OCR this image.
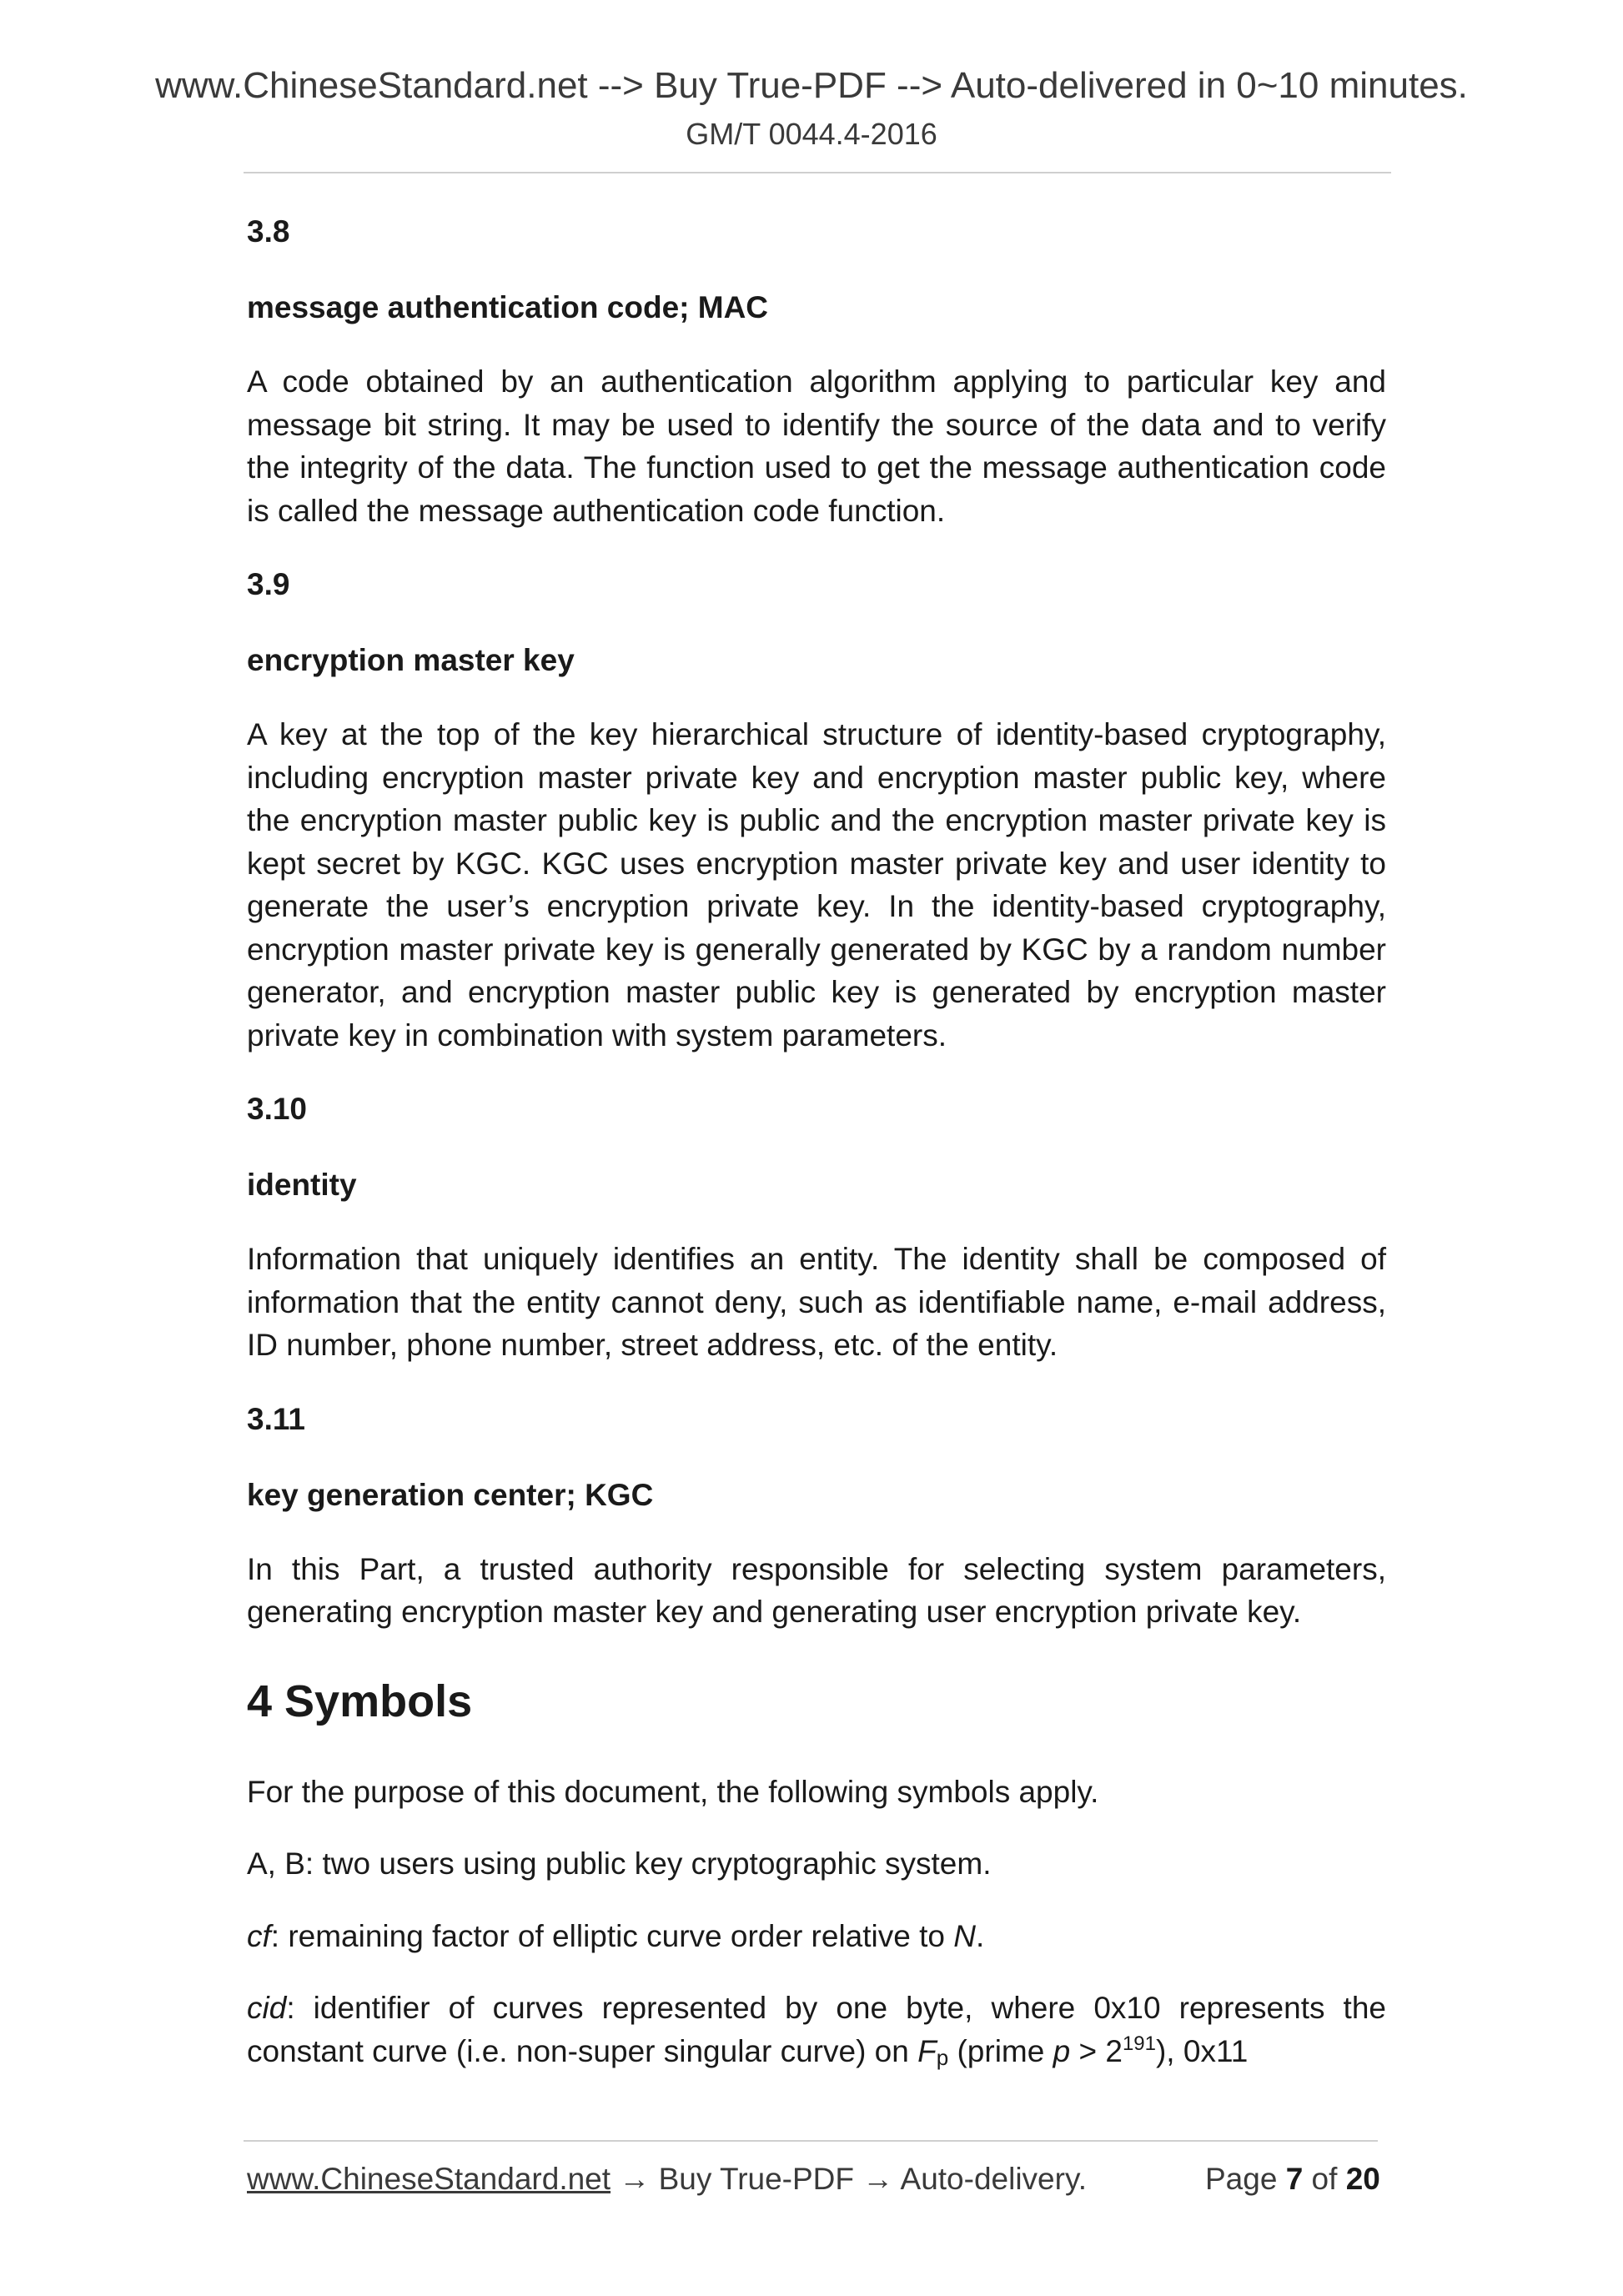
www.ChineseStandard.net --> Buy True-PDF --> Auto-delivered in 0~10 minutes.
GM/T 0044.4-2016
3.8
message authentication code; MAC

A code obtained by an authentication algorithm applying to particular key and message bit string. It may be used to identify the source of the data and to verify the integrity of the data. The function used to get the message authentication code is called the message authentication code function.

3.9
encryption master key

A key at the top of the key hierarchical structure of identity-based cryptography, including encryption master private key and encryption master public key, where the encryption master public key is public and the encryption master private key is kept secret by KGC. KGC uses encryption master private key and user identity to generate the user’s encryption private key. In the identity-based cryptography, encryption master private key is generally generated by KGC by a random number generator, and encryption master public key is generated by encryption master private key in combination with system parameters.

3.10
identity

Information that uniquely identifies an entity. The identity shall be composed of information that the entity cannot deny, such as identifiable name, e-mail address, ID number, phone number, street address, etc. of the entity.

3.11
key generation center; KGC

In this Part, a trusted authority responsible for selecting system parameters, generating encryption master key and generating user encryption private key.

4 Symbols

For the purpose of this document, the following symbols apply.

A, B: two users using public key cryptographic system.

cf: remaining factor of elliptic curve order relative to N.

cid: identifier of curves represented by one byte, where 0x10 represents the constant curve (i.e. non-super singular curve) on $F_p$ (prime $p > 2^{191}$), 0x11

www.ChineseStandard.net → Buy True-PDF → Auto-delivery.	Page 7 of 20
